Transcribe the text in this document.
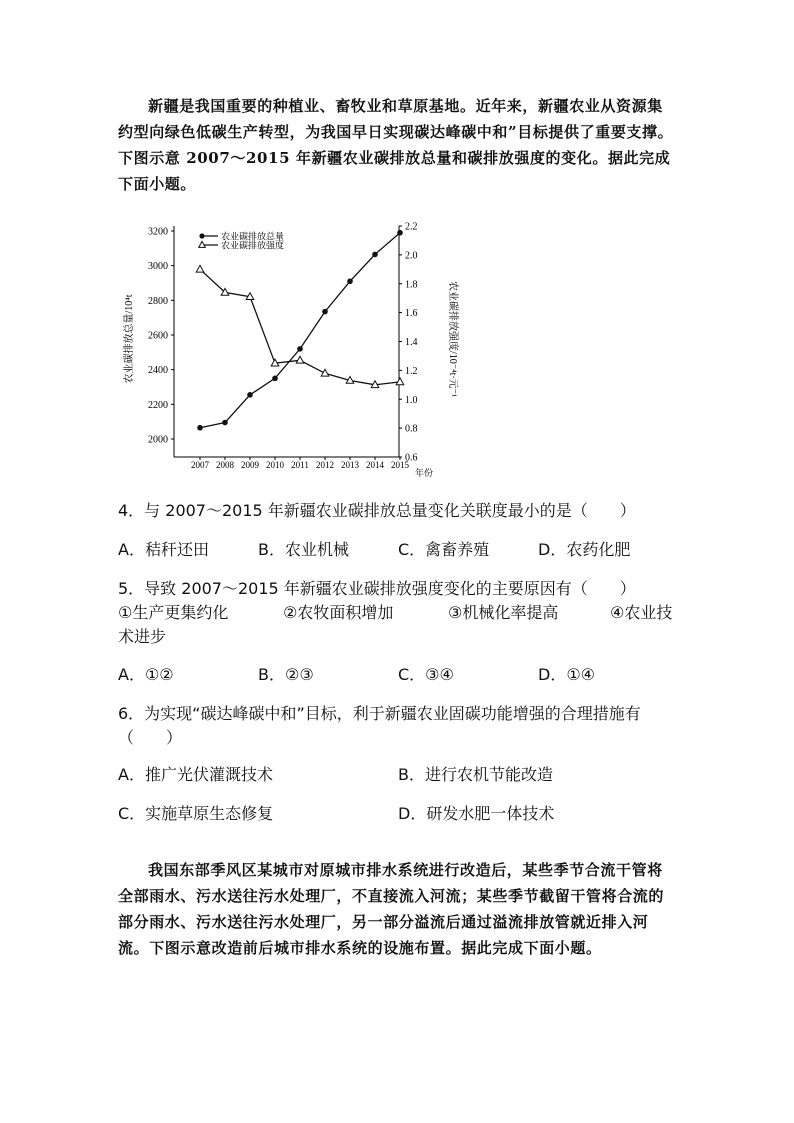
新疆是我国重要的种植业、畜牧业和草原基地。近年来，新疆农业从资源集约型向绿色低碳生产转型，为我国早日实现碳达峰碳中和”目标提供了重要支撑。下图示意 2007～2015 年新疆农业碳排放总量和碳排放强度的变化。据此完成下面小题。

3200
3000
2800
2600
2400
2200
2000
2.2
2.0
1.8
1.6
1.4
1.2
1.0
0.8
0.6
2007 2008 2009 2010 2011 2012 2013 2014 2015
农业碳排放总量
农业碳排放强度
农业碳排放总量/10⁴t	农业碳排放强度/10⁻⁴t·元⁻¹
年份

4．与 2007～2015 年新疆农业碳排放总量变化关联度最小的是（　　）

A．秸秆还田	B．农业机械	C．禽畜养殖	D．农药化肥

5．导致 2007～2015 年新疆农业碳排放强度变化的主要原因有（　　）

①生产更集约化	②农牧面积增加	③机械化率提高	④农业技

术进步

A．①②	B．②③	C．③④	D．①④

6．为实现“碳达峰碳中和”目标，利于新疆农业固碳功能增强的合理措施有

（　　）

A．推广光伏灌溉技术	B．进行农机节能改造
C．实施草原生态修复	D．研发水肥一体技术

我国东部季风区某城市对原城市排水系统进行改造后，某些季节合流干管将全部雨水、污水送往污水处理厂，不直接流入河流；某些季节截留干管将合流的部分雨水、污水送往污水处理厂，另一部分溢流后通过溢流排放管就近排入河流。下图示意改造前后城市排水系统的设施布置。据此完成下面小题。
